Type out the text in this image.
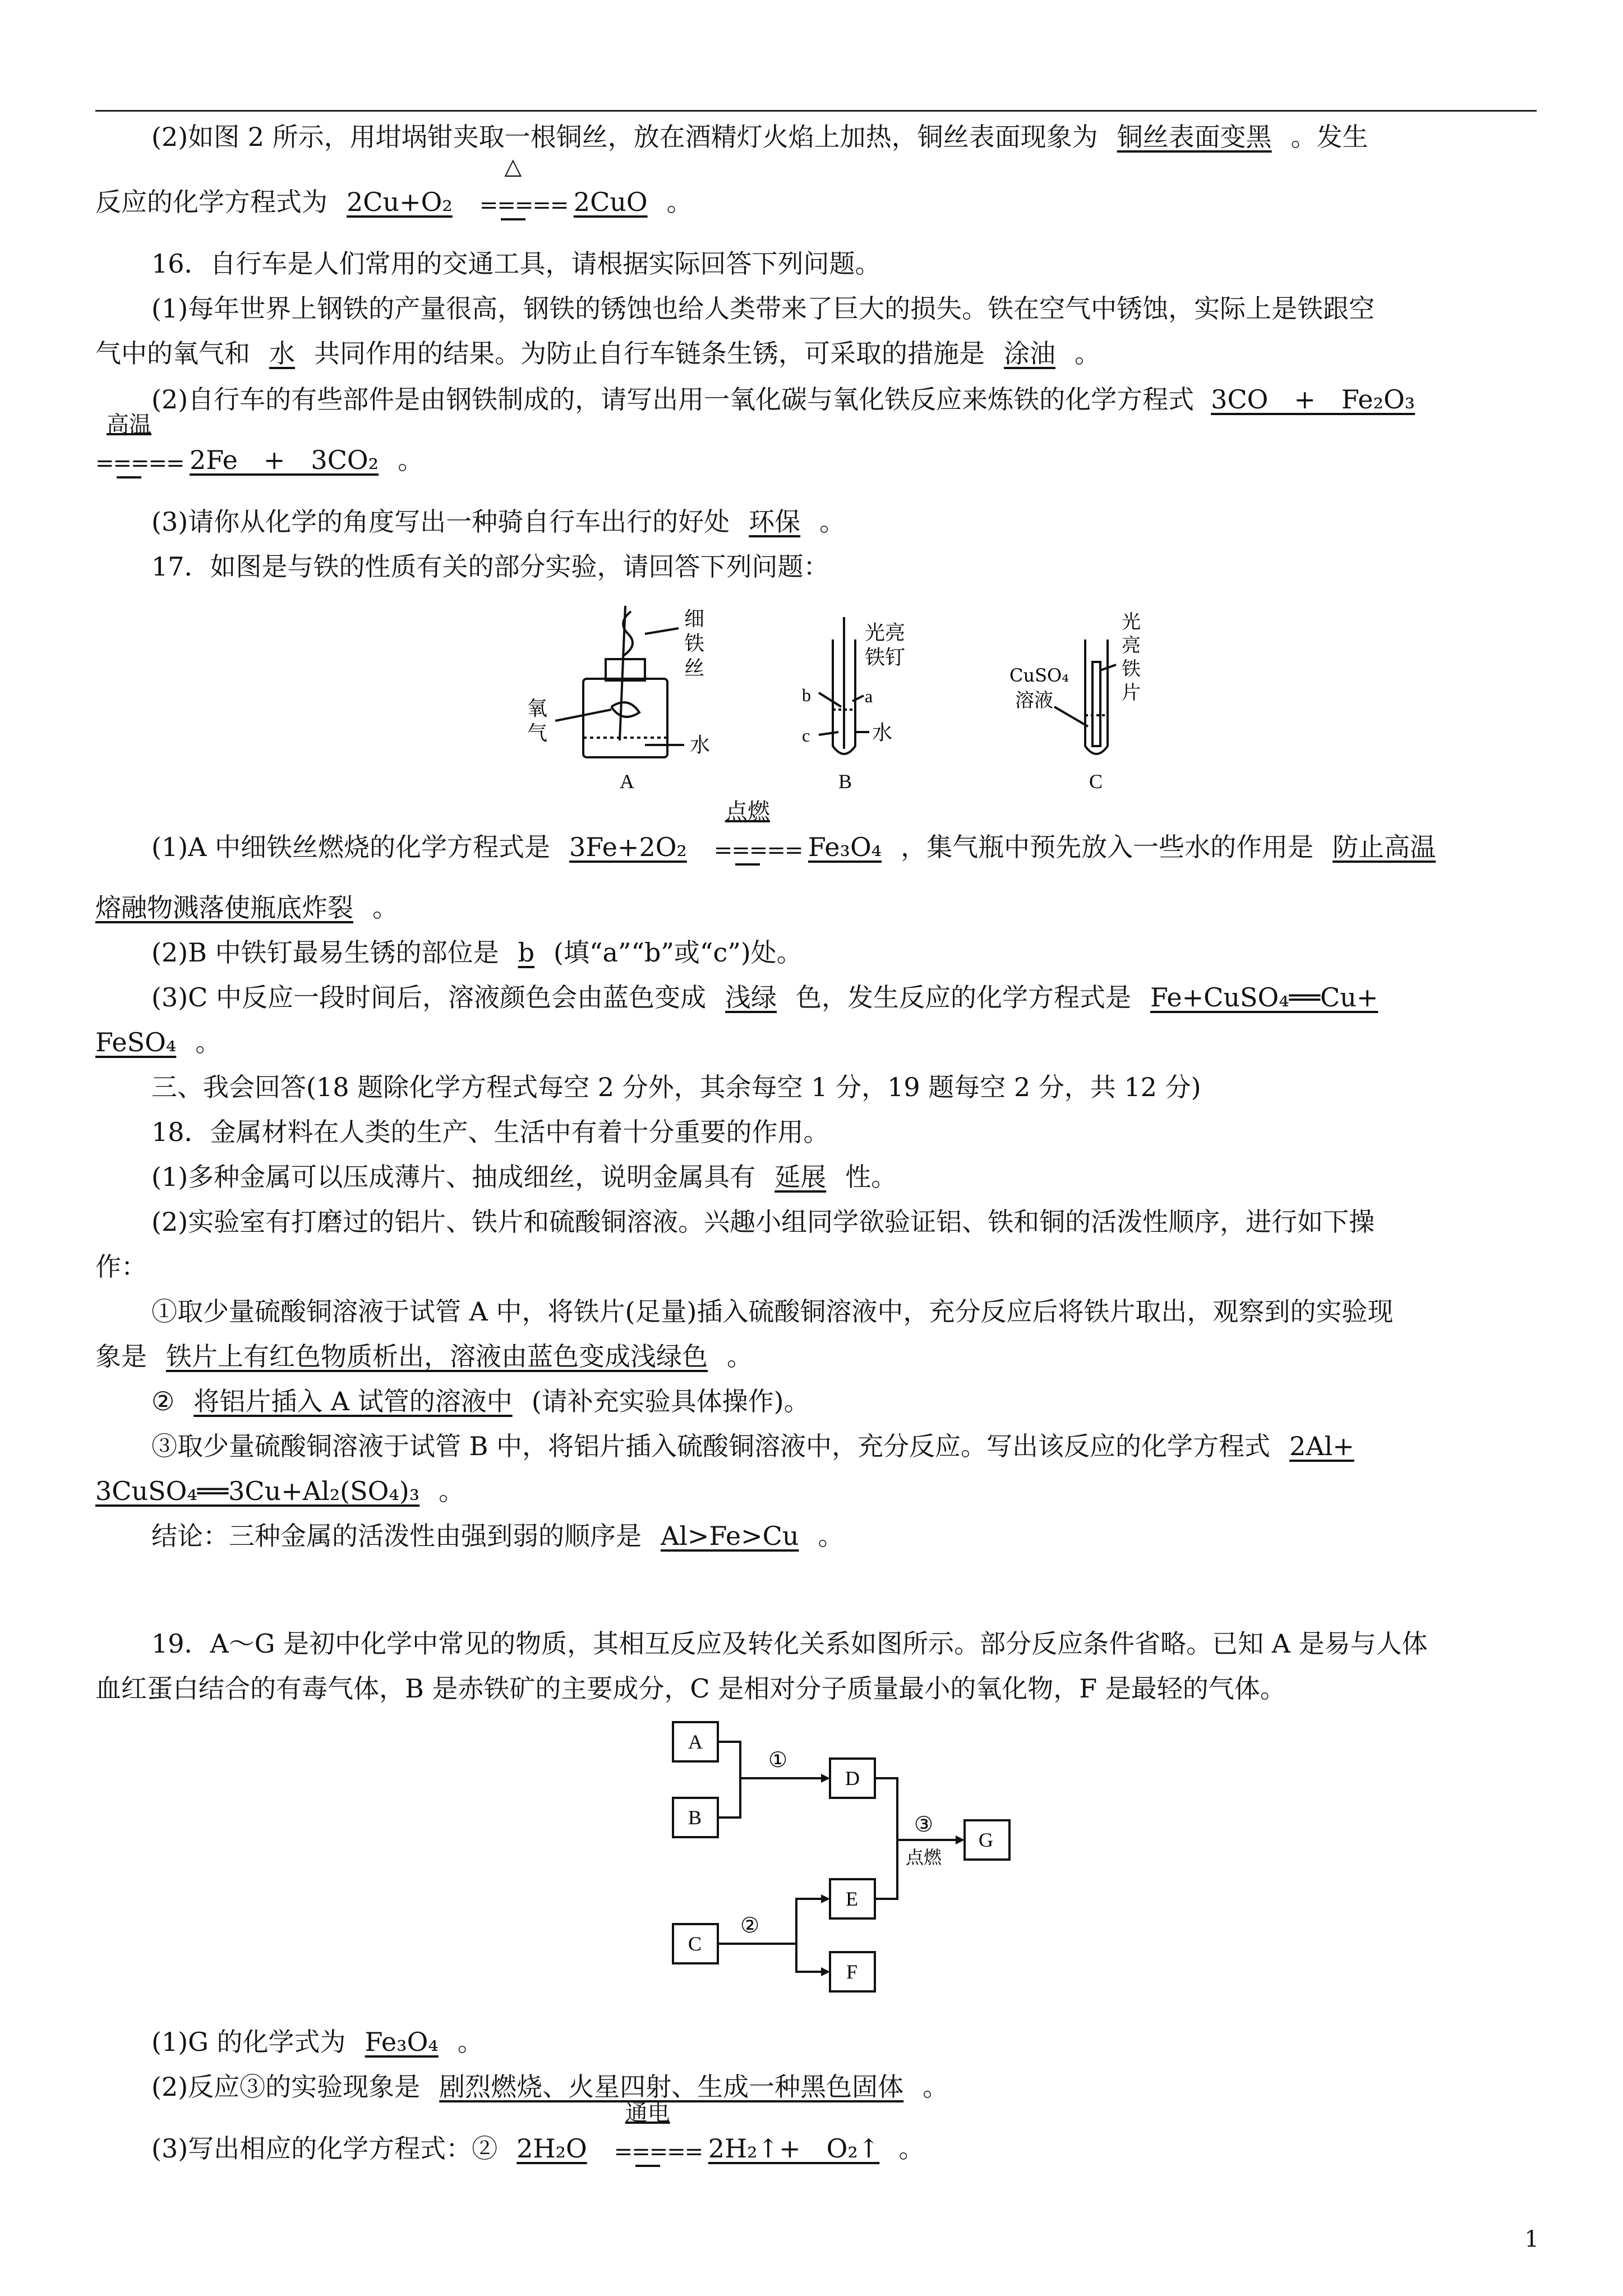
(2)如图 2 所示，用坩埚钳夹取一根铜丝，放在酒精灯火焰上加热，铜丝表面现象为 铜丝表面变黑 。发生
反应的化学方程式为 2Cu+O₂
△
===== 2CuO 。
16．自行车是人们常用的交通工具，请根据实际回答下列问题。
(1)每年世界上钢铁的产量很高，钢铁的锈蚀也给人类带来了巨大的损失。铁在空气中锈蚀，实际上是铁跟空
气中的氧气和 水 共同作用的结果。为防止自行车链条生锈，可采取的措施是 涂油 。
(2)自行车的有些部件是由钢铁制成的，请写出用一氧化碳与氧化铁反应来炼铁的化学方程式 3CO　+　Fe₂O₃
高温
===== 2Fe　+　3CO₂ 。
(3)请你从化学的角度写出一种骑自行车出行的好处 环保 。
17．如图是与铁的性质有关的部分实验，请回答下列问题：
氧气
细铁丝
水
A
光亮铁钉
a
b
c	水
B
CuSO₄
溶液
光亮铁片
C
(1)A 中细铁丝燃烧的化学方程式是 3Fe+2O₂
点燃
===== Fe₃O₄ ，集气瓶中预先放入一些水的作用是 防止高温
熔融物溅落使瓶底炸裂 。
(2)B 中铁钉最易生锈的部位是 b (填“a”“b”或“c”)处。
(3)C 中反应一段时间后，溶液颜色会由蓝色变成 浅绿 色，发生反应的化学方程式是 Fe+CuSO₄══Cu+
FeSO₄ 。
三、我会回答(18 题除化学方程式每空 2 分外，其余每空 1 分，19 题每空 2 分，共 12 分)
18．金属材料在人类的生产、生活中有着十分重要的作用。
(1)多种金属可以压成薄片、抽成细丝，说明金属具有 延展 性。
(2)实验室有打磨过的铝片、铁片和硫酸铜溶液。兴趣小组同学欲验证铝、铁和铜的活泼性顺序，进行如下操
作：
①取少量硫酸铜溶液于试管 A 中，将铁片(足量)插入硫酸铜溶液中，充分反应后将铁片取出，观察到的实验现
象是 铁片上有红色物质析出，溶液由蓝色变成浅绿色 。
② 将铝片插入 A 试管的溶液中 (请补充实验具体操作)。
③取少量硫酸铜溶液于试管 B 中，将铝片插入硫酸铜溶液中，充分反应。写出该反应的化学方程式 2Al+
3CuSO₄══3Cu+Al₂(SO₄)₃ 。
结论：三种金属的活泼性由强到弱的顺序是 Al>Fe>Cu 。
19．A～G 是初中化学中常见的物质，其相互反应及转化关系如图所示。部分反应条件省略。已知 A 是易与人体
血红蛋白结合的有毒气体，B 是赤铁矿的主要成分，C 是相对分子质量最小的氧化物，F 是最轻的气体。
A
B
D
E
C
F
G
①
②
③
点燃
(1)G 的化学式为 Fe₃O₄ 。
(2)反应③的实验现象是 剧烈燃烧、火星四射、生成一种黑色固体 。
(3)写出相应的化学方程式：② 2H₂O
通电
===== 2H₂↑+　O₂↑ 。
1
